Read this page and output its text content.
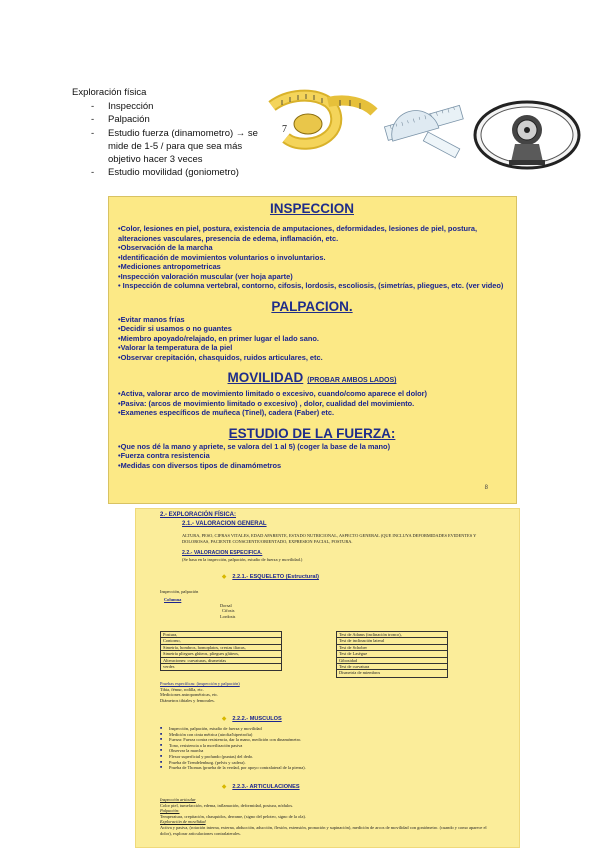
Exploración física
- Inspección
- Palpación
- Estudio fuerza (dinamometro) → se mide de 1-5 / para que sea más objetivo hacer 3 veces
- Estudio movilidad (goniometro)
7
INSPECCION

•Color, lesiones en piel, postura, existencia de amputaciones, deformidades, lesiones de piel, postura, alteraciones vasculares, presencia de edema, inflamación, etc.

•Observación de la marcha

•Identificación de movimientos voluntarios o involuntarios.

•Mediciones antropometricas

•Inspección valoración muscular (ver hoja aparte)

• Inspección de columna vertebral, contorno, cifosis, lordosis, escoliosis, (simetrías, pliegues, etc. (ver video)

PALPACION.

•Evitar manos frías

•Decidir si usamos o no guantes

•Miembro apoyado/relajado, en primer lugar el lado sano.

•Valorar la temperatura de la piel

•Observar crepitación, chasquidos, ruidos articulares, etc.

MOVILIDAD (PROBAR AMBOS LADOS)

•Activa, valorar arco de movimiento limitado o excesivo, cuando/como aparece el dolor)

•Pasiva: (arcos de movimiento limitado o excesivo) , dolor, cualidad del movimiento.

•Examenes específicos de muñeca (Tinel), cadera (Faber) etc.

ESTUDIO DE LA FUERZA:

•Que nos dé la mano y apriete, se valora del 1 al 5) (coger la base de la mano)

•Fuerza contra resistencia

•Medidas con diversos tipos de dinamómetros

8
2.- EXPLORACIÓN FÍSICA:
2.1.- VALORACION GENERAL
ALTURA, PESO, CIFRAS VITALES, EDAD APARENTE, ESTADO NUTRICIONAL, ASPECTO GENERAL (QUE INCLUYA DEFORMIDADES EVIDENTES Y DOLOROSAS, PACIENTE CONSCIENTE/ORIENTADO, EXPRESION FACIAL, POSTURA.
2.2.- VALORACION ESPECIFICA.
(Se basa en la inspección, palpación, estudio de fuerza y movilidad.)
◆ 2.2.1.- ESQUELETO (Estructural)
Inspección, palpación
Columna
Dorsal
Cifosis
Lordosis
Postura,
Contorno,
Simetría, hombros, homoplatos, crestas iliacas,
Simetría pliegues glúteos, pliegues glúteos,
Alteraciones: curvaturas, dismetrías
verdes
Test de Adams (inclinación tronco),
Test de inclinación lateral
Test de Schober
Test de Lasègue
Gibosidad
Test de curvatura
Dismetría de miembros
Pruebas específicas: (inspección y palpación)
Tibia, fémur, rodilla, etc.
Mediciones antropométricas, etc.
Diámetros tibiales y femorales.
◆ 2.2.2.- MUSCULOS
■ Inspección, palpación, estudio de fuerza y movilidad
■ Medición con cinta métrica (atrofia/hipertrofia)
■ Fuerza: Fuerza contra resistencia, dar la mano, medición con dinamómetro.
■ Tono, resistencia a la movilización pasiva
■ Observar la marcha
■ Flexor superficial y profundo (puntas) del dedo.
■ Prueba de Trendelenburg. (pelvis y cadera).
■ Prueba de Thomas (prueba de la verdad, por apoyo contralateral de la pierna).
◆ 2.2.3.- ARTICULACIONES
Inspección articular
Color piel, tumefacción, edema, inflamación, deformidad, postura, nódulos.
Palpación:
Temperatura, crepitación, chasquidos, derrame, (signo del peloteo, signo de la ola).
Exploración de movilidad
Activa y pasiva, (rotación interna, externa, abducción, aducción, flexión, extensión, pronación y supinación), medición de arcos de movilidad con goniómetro. (cuando y como aparece el dolor), explorar articulaciones contralaterales.
